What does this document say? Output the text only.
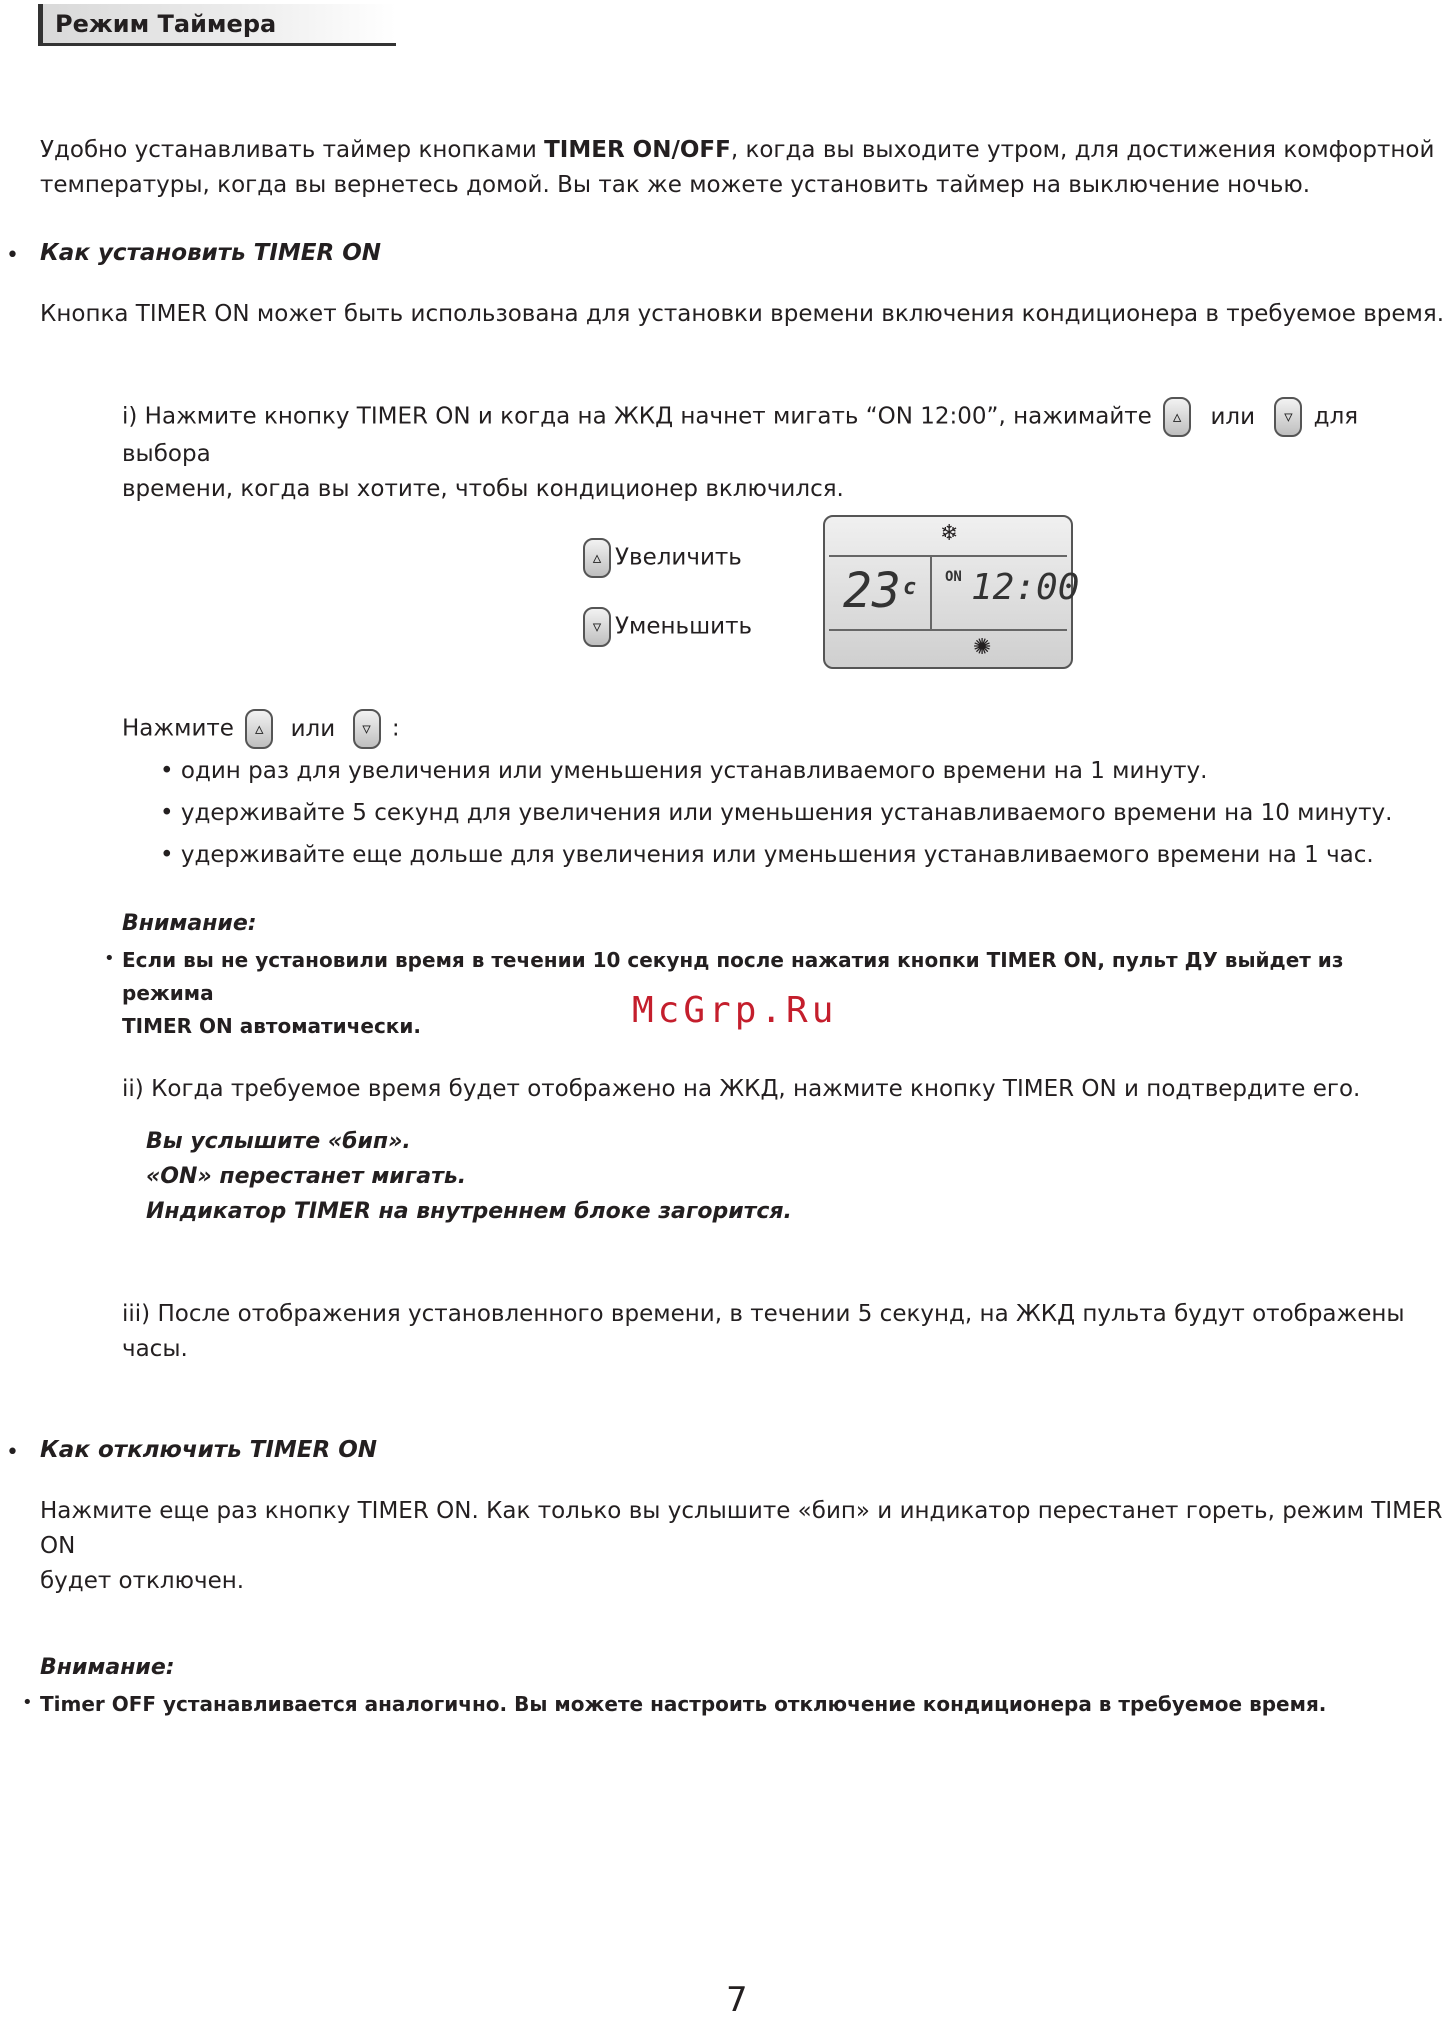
Режим Таймера
Удобно устанавливать таймер кнопками TIMER ON/OFF, когда вы выходите утром, для достижения комфортной
температуры, когда вы вернетесь домой. Вы так же можете установить таймер на выключение ночью.
• Как установить TIMER ON
Кнопка TIMER ON может быть использована для установки времени включения кондиционера в требуемое время.
i) Нажмите кнопку TIMER ON и когда на ЖКД начнет мигать “ON 12:00”, нажимайте ▵ или ▿ для выбора
времени, когда вы хотите, чтобы кондиционер включился.
▵ Увеличить
▿ Уменьшить
❄
23 c ON 12:00
✺
Нажмите ▵ или ▿ :
• один раз для увеличения или уменьшения устанавливаемого времени на 1 минуту.
• удерживайте 5 секунд для увеличения или уменьшения устанавливаемого времени на 10 минуту.
• удерживайте еще дольше для увеличения или уменьшения устанавливаемого времени на 1 час.
Внимание:
• Если вы не установили время в течении 10 секунд после нажатия кнопки TIMER ON, пульт ДУ выйдет из режима
TIMER ON автоматически.	McGrp.Ru
ii) Когда требуемое время будет отображено на ЖКД, нажмите кнопку TIMER ON и подтвердите его.
Вы услышите «бип».
«ON» перестанет мигать.
Индикатор TIMER на внутреннем блоке загорится.
iii) После отображения установленного времени, в течении 5 секунд, на ЖКД пульта будут отображены часы.
• Как отключить TIMER ON
Нажмите еще раз кнопку TIMER ON. Как только вы услышите «бип» и индикатор перестанет гореть, режим TIMER ON
будет отключен.
Внимание:
• Timer OFF устанавливается аналогично. Вы можете настроить отключение кондиционера в требуемое время.
7
